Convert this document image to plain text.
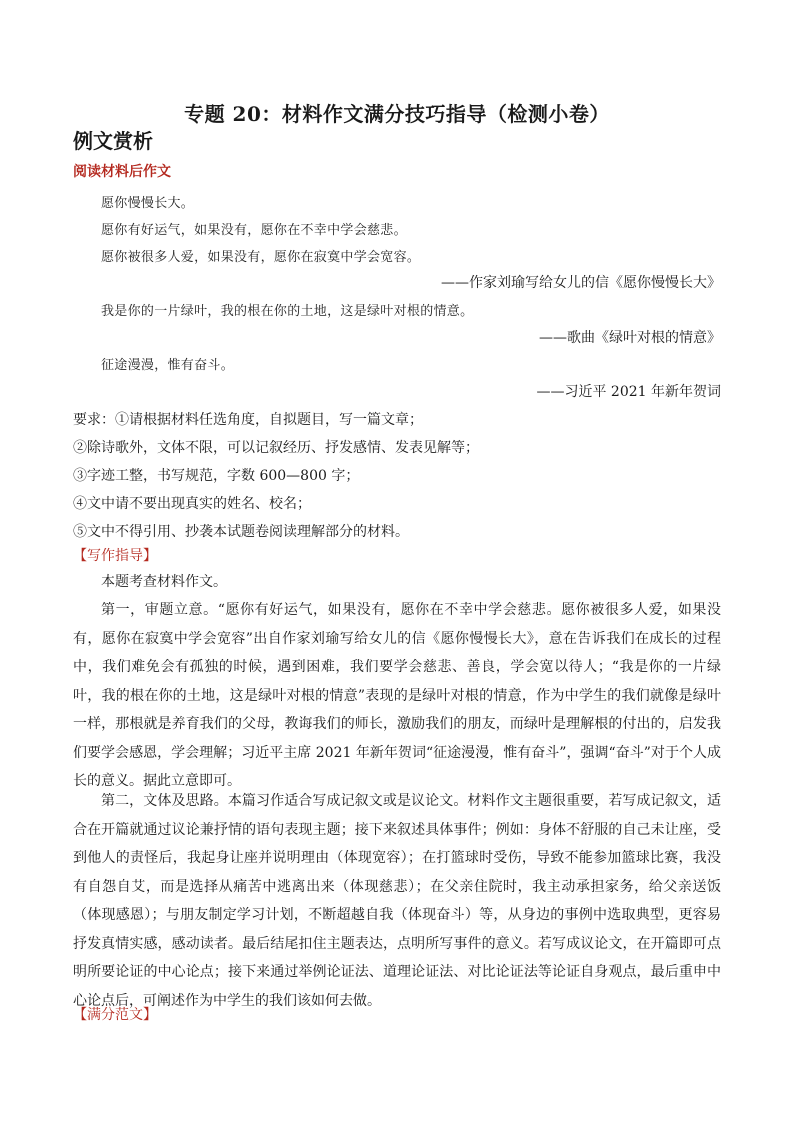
专题 20：材料作文满分技巧指导（检测小卷）
例文赏析
阅读材料后作文
愿你慢慢长大。
愿你有好运气，如果没有，愿你在不幸中学会慈悲。
愿你被很多人爱，如果没有，愿你在寂寞中学会宽容。
——作家刘瑜写给女儿的信《愿你慢慢长大》
我是你的一片绿叶，我的根在你的土地，这是绿叶对根的情意。
——歌曲《绿叶对根的情意》
征途漫漫，惟有奋斗。
——习近平 2021 年新年贺词
要求：①请根据材料任选角度，自拟题目，写一篇文章；
②除诗歌外，文体不限，可以记叙经历、抒发感情、发表见解等；
③字迹工整，书写规范，字数 600—800 字；
④文中请不要出现真实的姓名、校名；
⑤文中不得引用、抄袭本试题卷阅读理解部分的材料。
【写作指导】

本题考查材料作文。

第一，审题立意。“愿你有好运气，如果没有，愿你在不幸中学会慈悲。愿你被很多人爱，如果没有，愿你在寂寞中学会宽容”出自作家刘瑜写给女儿的信《愿你慢慢长大》，意在告诉我们在成长的过程中，我们难免会有孤独的时候，遇到困难，我们要学会慈悲、善良，学会宽以待人；“我是你的一片绿叶，我的根在你的土地，这是绿叶对根的情意”表现的是绿叶对根的情意，作为中学生的我们就像是绿叶一样，那根就是养育我们的父母，教诲我们的师长，激励我们的朋友，而绿叶是理解根的付出的，启发我们要学会感恩，学会理解；习近平主席 2021 年新年贺词“征途漫漫，惟有奋斗”，强调“奋斗”对于个人成长的意义。据此立意即可。

第二，文体及思路。本篇习作适合写成记叙文或是议论文。材料作文主题很重要，若写成记叙文，适合在开篇就通过议论兼抒情的语句表现主题；接下来叙述具体事件；例如：身体不舒服的自己未让座，受到他人的责怪后，我起身让座并说明理由（体现宽容）；在打篮球时受伤，导致不能参加篮球比赛，我没有自怨自艾，而是选择从痛苦中逃离出来（体现慈悲）；在父亲住院时，我主动承担家务，给父亲送饭（体现感恩）；与朋友制定学习计划，不断超越自我（体现奋斗）等，从身边的事例中选取典型，更容易抒发真情实感，感动读者。最后结尾扣住主题表达，点明所写事件的意义。若写成议论文，在开篇即可点明所要论证的中心论点；接下来通过举例论证法、道理论证法、对比论证法等论证自身观点，最后重申中心论点后，可阐述作为中学生的我们该如何去做。

【满分范文】
